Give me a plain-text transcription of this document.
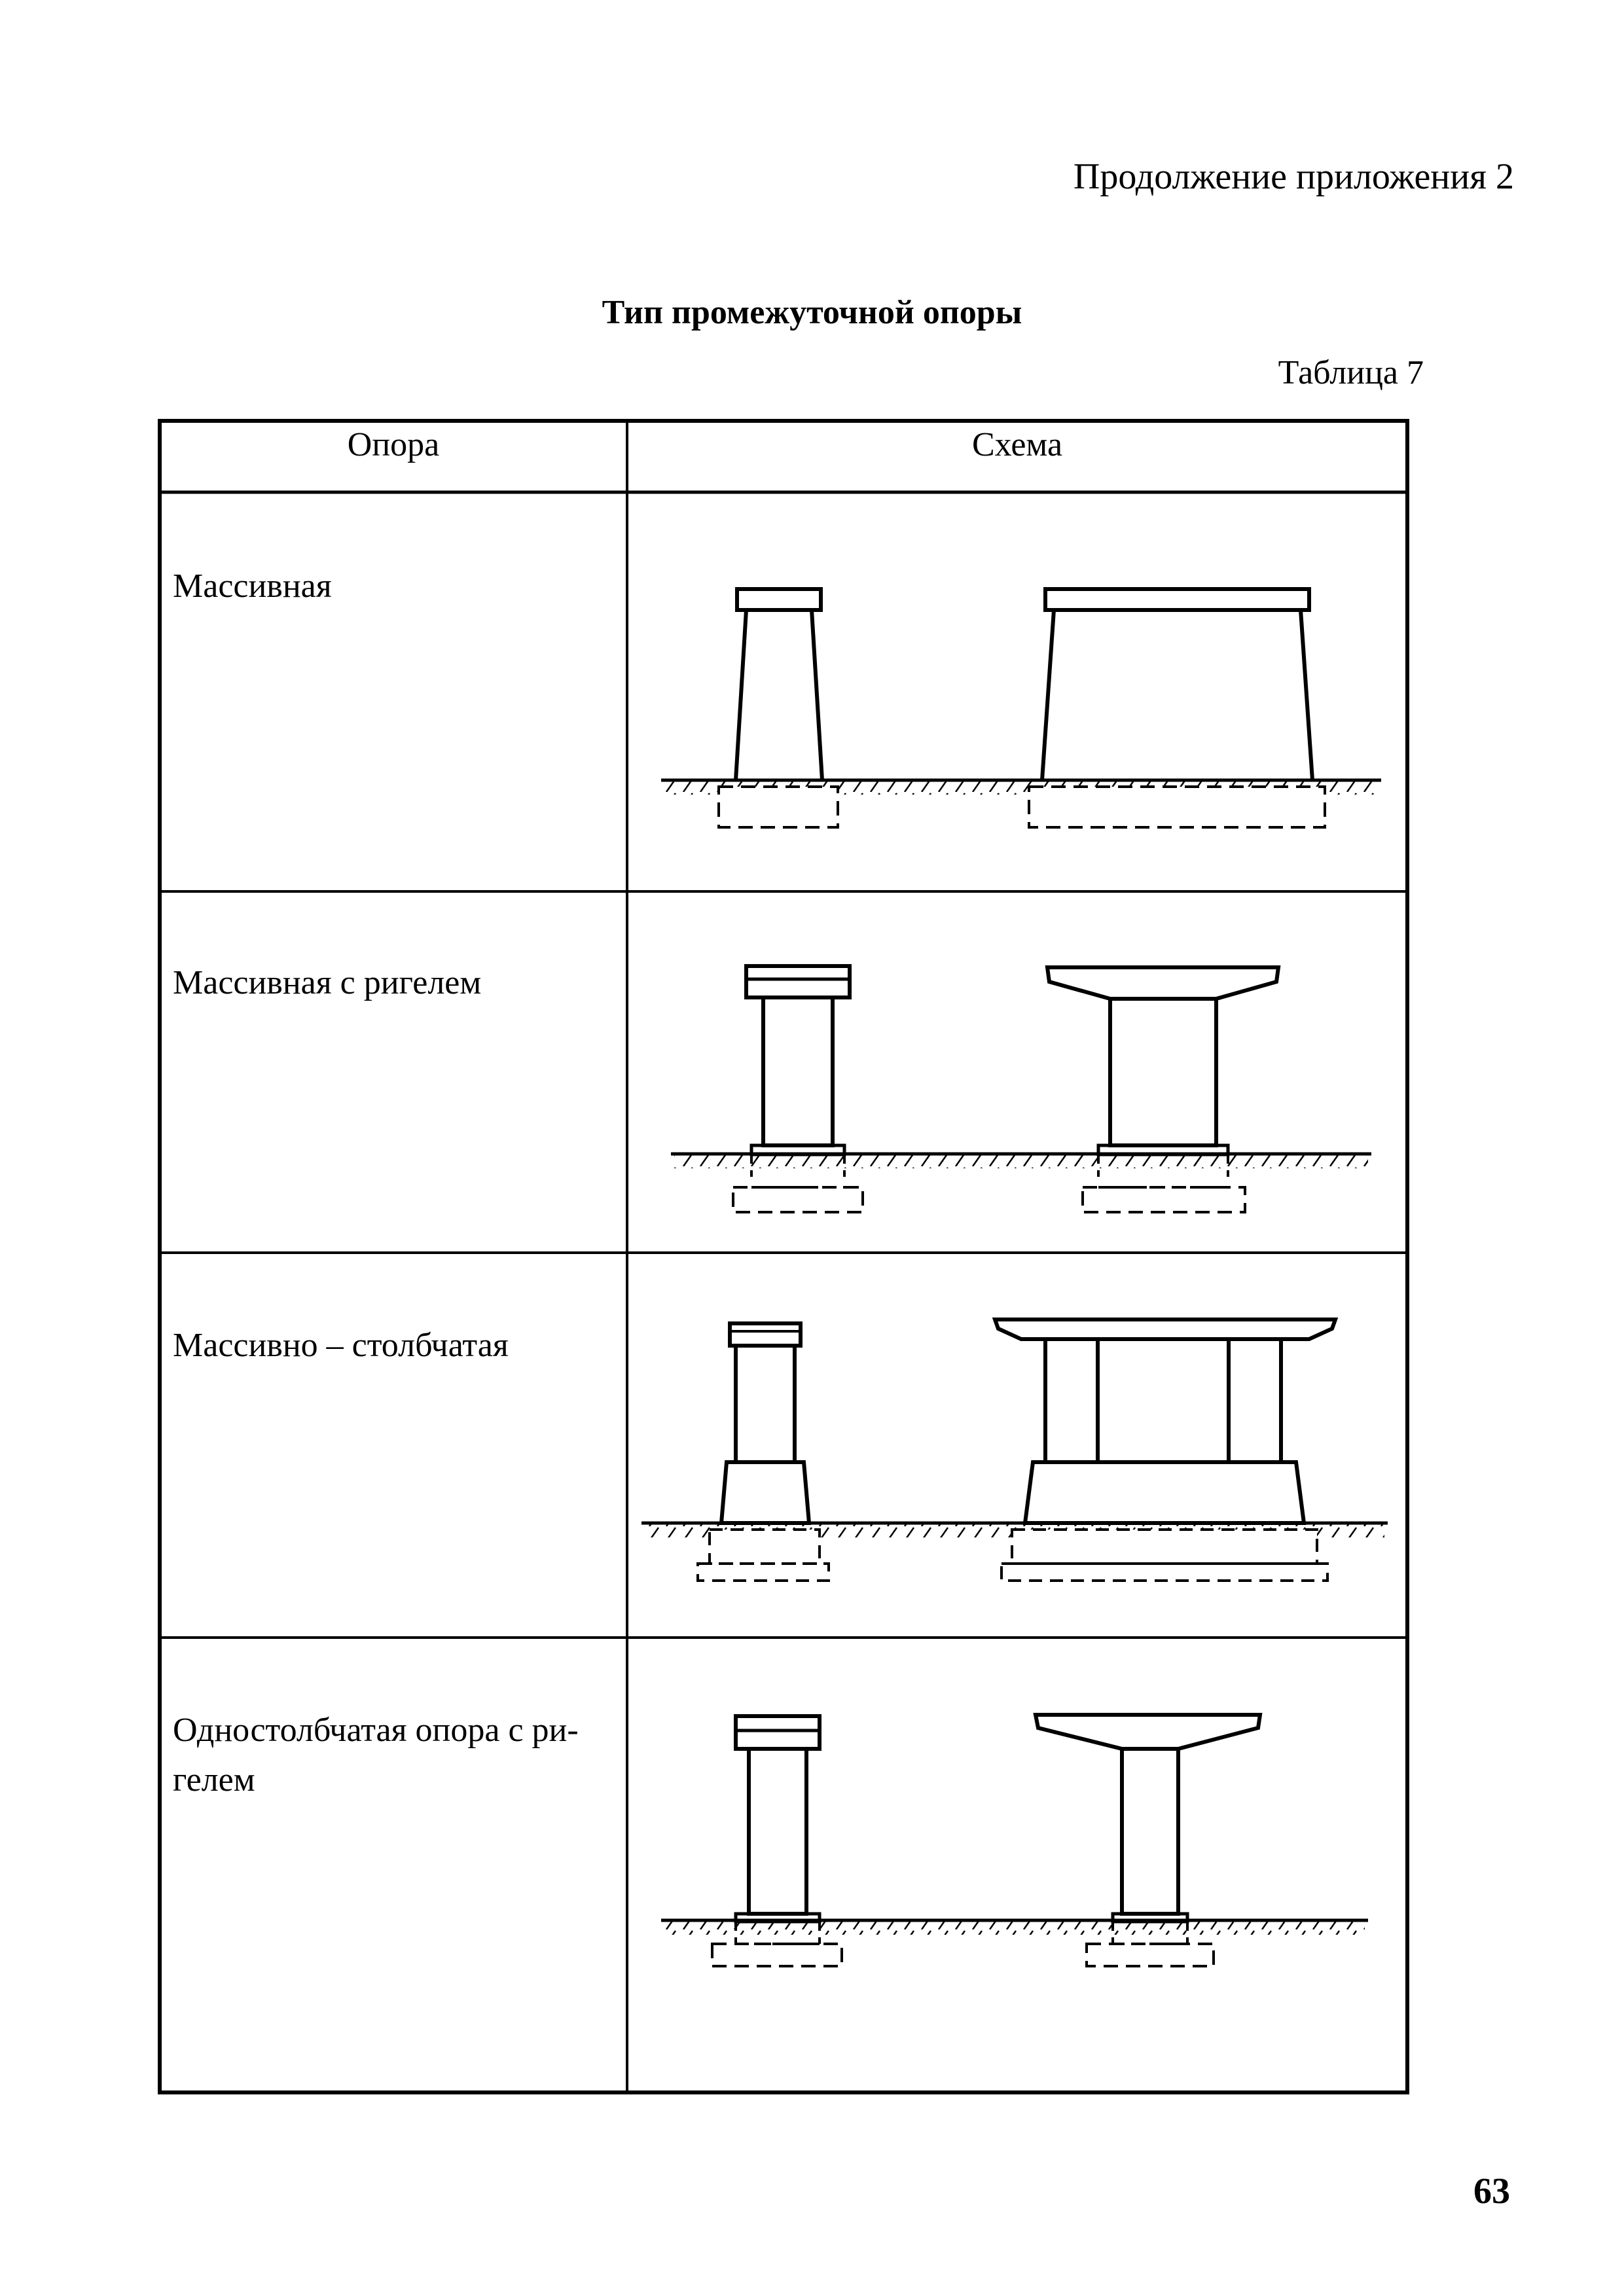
Продолжение приложения 2
Тип промежуточной опоры
Таблица 7
Опора	Схема
Массивная
Массивная с ригелем
Массивно – столбчатая
Одностолбчатая опора с ри-
гелем
63
